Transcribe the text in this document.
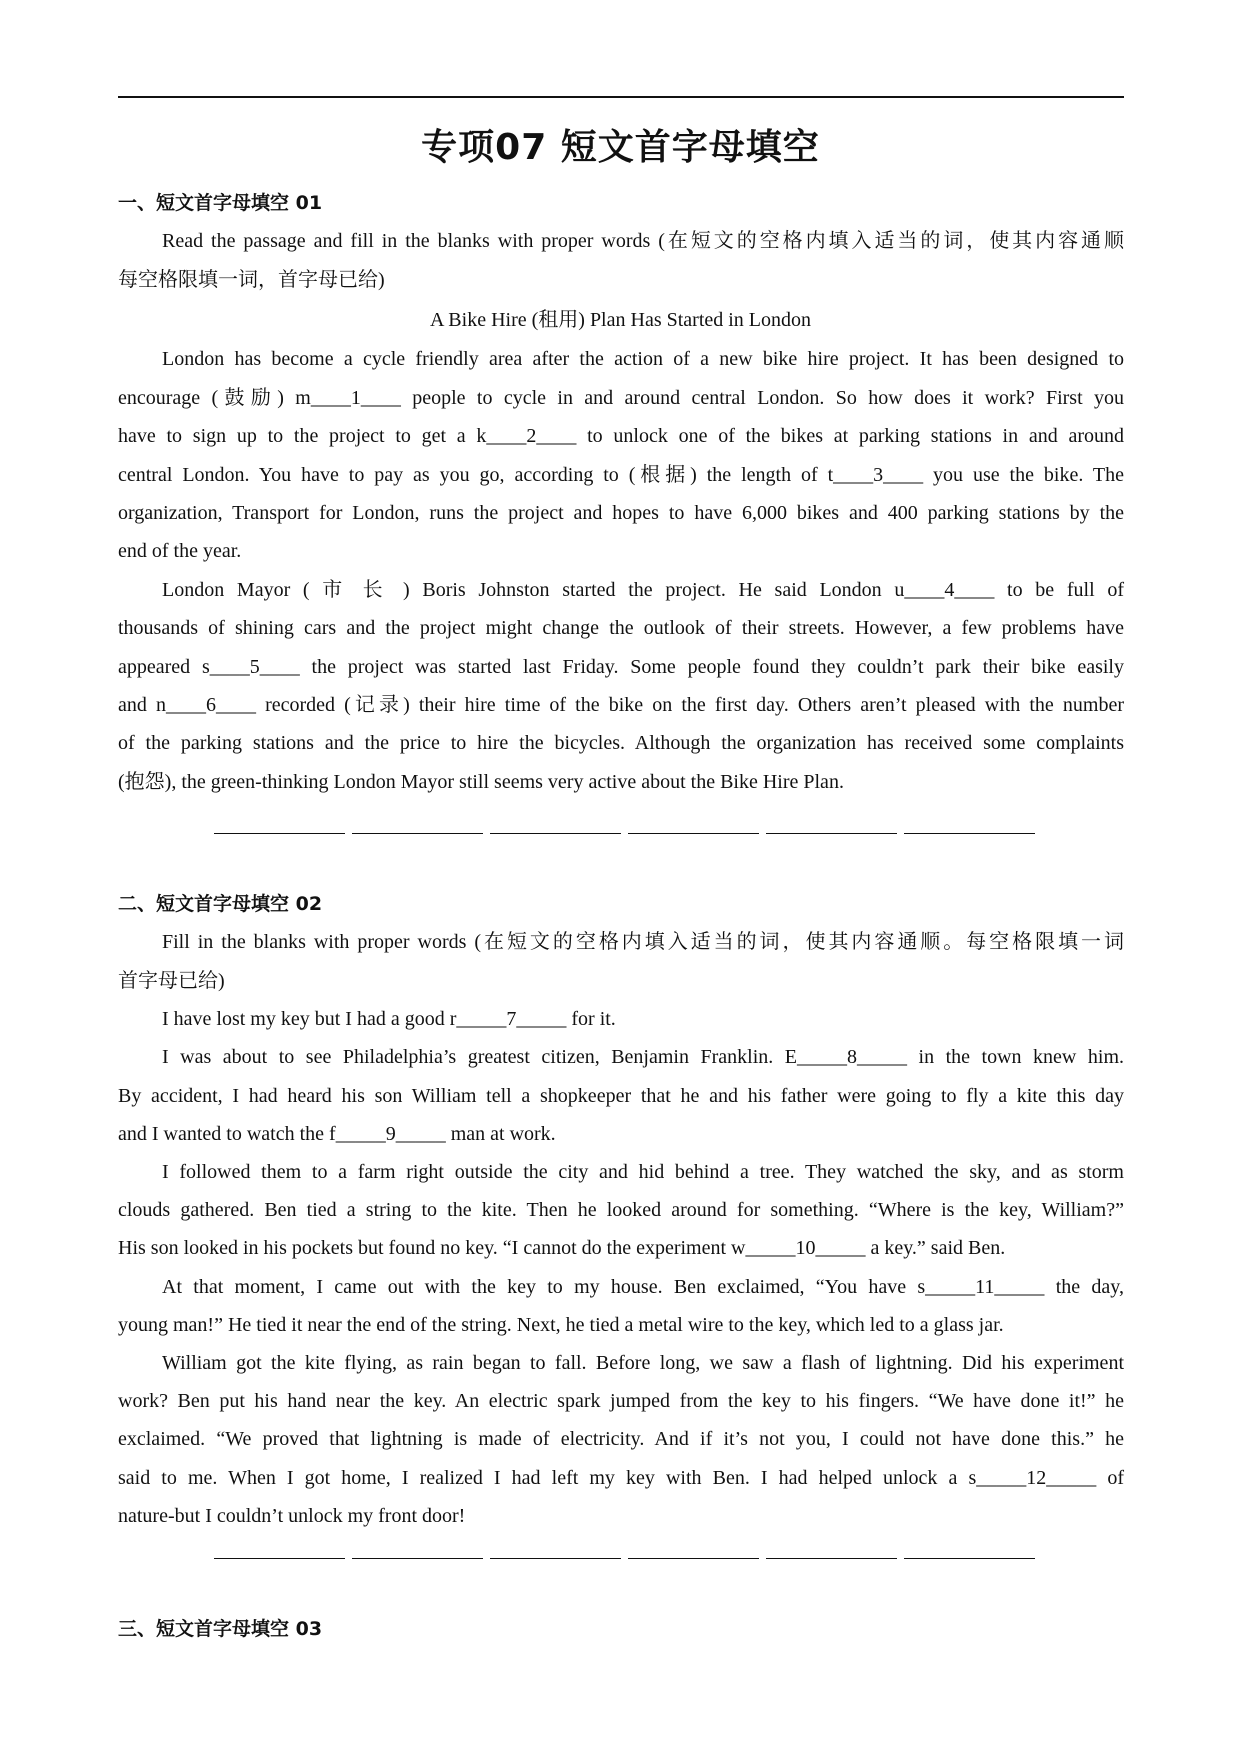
专项07 短文首字母填空
一、短文首字母填空 01

Read the passage and fill in the blanks with proper words (在短文的空格内填入适当的词，使其内容通顺

每空格限填一词，首字母已给)

A Bike Hire (租用) Plan Has Started in London

London has become a cycle friendly area after the action of a new bike hire project. It has been designed to

encourage (鼓励) m____1____ people to cycle in and around central London. So how does it work? First you

have to sign up to the project to get a k____2____ to unlock one of the bikes at parking stations in and around

central London. You have to pay as you go, according to (根据) the length of t____3____ you use the bike. The

organization, Transport for London, runs the project and hopes to have 6,000 bikes and 400 parking stations by the

end of the year.

London Mayor ( 市 长 ) Boris Johnston started the project. He said London u____4____ to be full of

thousands of shining cars and the project might change the outlook of their streets. However, a few problems have

appeared s____5____ the project was started last Friday. Some people found they couldn’t park their bike easily

and n____6____ recorded (记录) their hire time of the bike on the first day. Others aren’t pleased with the number

of the parking stations and the price to hire the bicycles. Although the organization has received some complaints

(抱怨), the green-thinking London Mayor still seems very active about the Bike Hire Plan.

二、短文首字母填空 02

Fill in the blanks with proper words (在短文的空格内填入适当的词，使其内容通顺。每空格限填一词

首字母已给)

I have lost my key but I had a good r_____7_____ for it.

I was about to see Philadelphia’s greatest citizen, Benjamin Franklin. E_____8_____ in the town knew him.

By accident, I had heard his son William tell a shopkeeper that he and his father were going to fly a kite this day

and I wanted to watch the f_____9_____ man at work.

I followed them to a farm right outside the city and hid behind a tree. They watched the sky, and as storm

clouds gathered. Ben tied a string to the kite. Then he looked around for something. “Where is the key, William?”

His son looked in his pockets but found no key. “I cannot do the experiment w_____10_____ a key.” said Ben.

At that moment, I came out with the key to my house. Ben exclaimed, “You have s_____11_____ the day,

young man!” He tied it near the end of the string. Next, he tied a metal wire to the key, which led to a glass jar.

William got the kite flying, as rain began to fall. Before long, we saw a flash of lightning. Did his experiment

work? Ben put his hand near the key. An electric spark jumped from the key to his fingers. “We have done it!” he

exclaimed. “We proved that lightning is made of electricity. And if it’s not you, I could not have done this.” he

said to me. When I got home, I realized I had left my key with Ben. I had helped unlock a s_____12_____ of

nature-but I couldn’t unlock my front door!

三、短文首字母填空 03
